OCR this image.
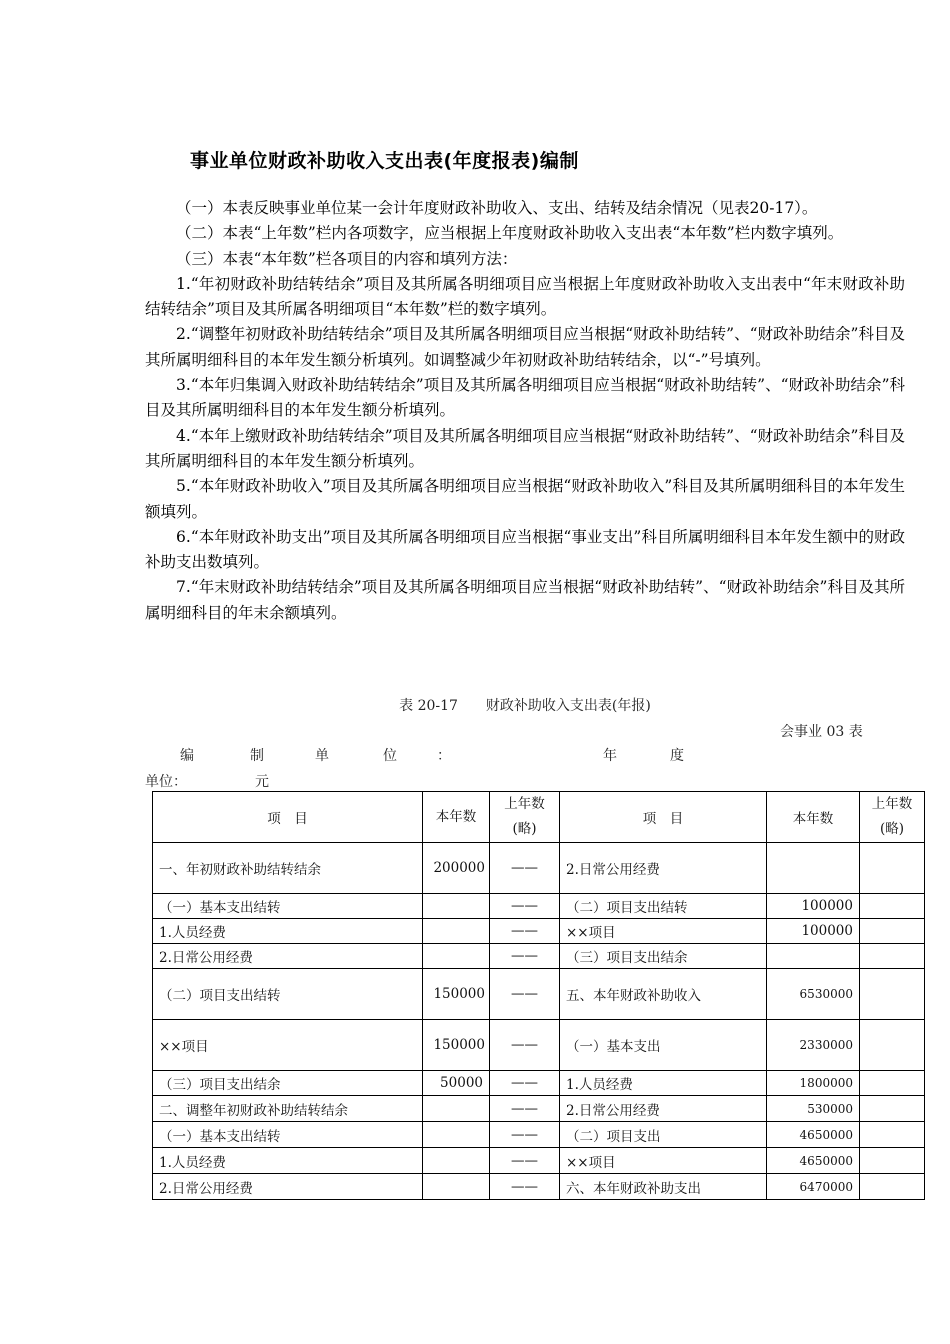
事业单位财政补助收入支出表(年度报表)编制

（一）本表反映事业单位某一会计年度财政补助收入、支出、结转及结余情况（见表20-17）。

（二）本表“上年数”栏内各项数字，应当根据上年度财政补助收入支出表“本年数”栏内数字填列。

（三）本表“本年数”栏各项目的内容和填列方法：

1.“年初财政补助结转结余”项目及其所属各明细项目应当根据上年度财政补助收入支出表中“年末财政补助结转结余”项目及其所属各明细项目“本年数”栏的数字填列。

2.“调整年初财政补助结转结余”项目及其所属各明细项目应当根据“财政补助结转”、“财政补助结余”科目及其所属明细科目的本年发生额分析填列。如调整减少年初财政补助结转结余，以“-”号填列。

3.“本年归集调入财政补助结转结余”项目及其所属各明细项目应当根据“财政补助结转”、“财政补助结余”科目及其所属明细科目的本年发生额分析填列。

4.“本年上缴财政补助结转结余”项目及其所属各明细项目应当根据“财政补助结转”、“财政补助结余”科目及其所属明细科目的本年发生额分析填列。

5.“本年财政补助收入”项目及其所属各明细项目应当根据“财政补助收入”科目及其所属明细科目的本年发生额填列。

6.“本年财政补助支出”项目及其所属各明细项目应当根据“事业支出”科目所属明细科目本年发生额中的财政补助支出数填列。

7.“年末财政补助结转结余”项目及其所属各明细项目应当根据“财政补助结转”、“财政补助结余”科目及其所属明细科目的年末余额填列。

表 20-17　　财政补助收入支出表(年报)
会事业 03 表
编	制	单	位	：	年	度
单位：	元
项　目	本年数	上年数(略)	项　目	本年数	上年数(略)
一、年初财政补助结转结余	200000	——	2.日常公用经费		
（一）基本支出结转		——	（二）项目支出结转	100000	
1.人员经费		——	××项目	100000	
2.日常公用经费		——	（三）项目支出结余		
（二）项目支出结转	150000	——	五、本年财政补助收入	6530000	
××项目	150000	——	（一）基本支出	2330000	
（三）项目支出结余	50000	——	1.人员经费	1800000	
二、调整年初财政补助结转结余		——	2.日常公用经费	530000	
（一）基本支出结转		——	（二）项目支出	4650000	
1.人员经费		——	××项目	4650000	
2.日常公用经费		——	六、本年财政补助支出	6470000	
